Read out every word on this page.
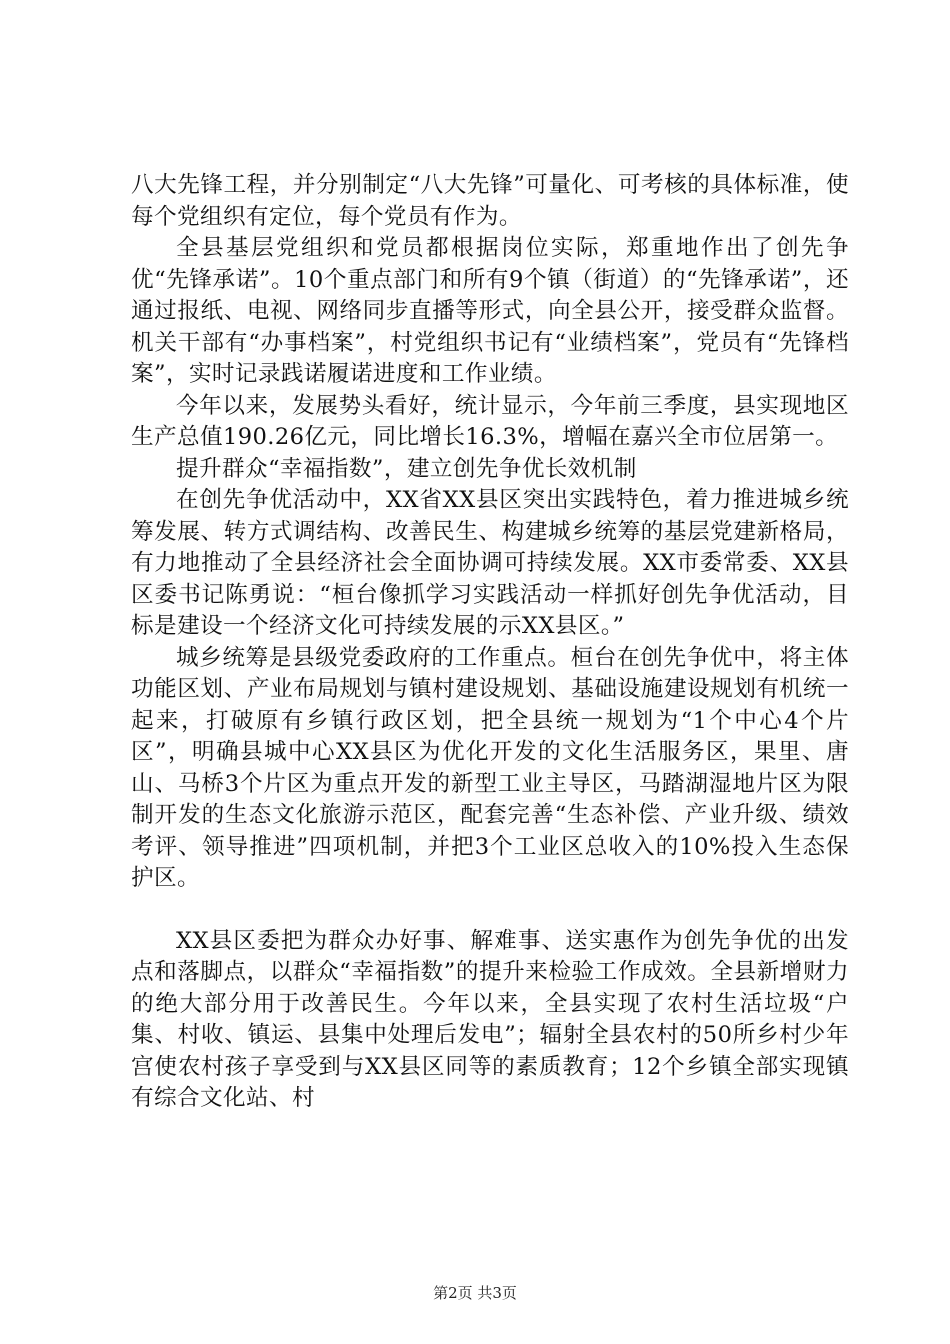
八大先锋工程，并分别制定“八大先锋”可量化、可考核的具体标准，使每个党组织有定位，每个党员有作为。

全县基层党组织和党员都根据岗位实际，郑重地作出了创先争优“先锋承诺”。10个重点部门和所有9个镇（街道）的“先锋承诺”，还通过报纸、电视、网络同步直播等形式，向全县公开，接受群众监督。机关干部有“办事档案”，村党组织书记有“业绩档案”，党员有“先锋档案”，实时记录践诺履诺进度和工作业绩。

今年以来，发展势头看好，统计显示，今年前三季度，县实现地区生产总值190.26亿元，同比增长16.3%，增幅在嘉兴全市位居第一。

提升群众“幸福指数”，建立创先争优长效机制

在创先争优活动中，XX省XX县区突出实践特色，着力推进城乡统筹发展、转方式调结构、改善民生、构建城乡统筹的基层党建新格局，有力地推动了全县经济社会全面协调可持续发展。XX市委常委、XX县区委书记陈勇说：“桓台像抓学习实践活动一样抓好创先争优活动，目标是建设一个经济文化可持续发展的示XX县区。”

城乡统筹是县级党委政府的工作重点。桓台在创先争优中，将主体功能区划、产业布局规划与镇村建设规划、基础设施建设规划有机统一起来，打破原有乡镇行政区划，把全县统一规划为“1个中心4个片区”，明确县城中心XX县区为优化开发的文化生活服务区，果里、唐山、马桥3个片区为重点开发的新型工业主导区，马踏湖湿地片区为限制开发的生态文化旅游示范区，配套完善“生态补偿、产业升级、绩效考评、领导推进”四项机制，并把3个工业区总收入的10%投入生态保护区。

XX县区委把为群众办好事、解难事、送实惠作为创先争优的出发点和落脚点，以群众“幸福指数”的提升来检验工作成效。全县新增财力的绝大部分用于改善民生。今年以来，全县实现了农村生活垃圾“户集、村收、镇运、县集中处理后发电”；辐射全县农村的50所乡村少年宫使农村孩子享受到与XX县区同等的素质教育；12个乡镇全部实现镇有综合文化站、村

第2页 共3页
